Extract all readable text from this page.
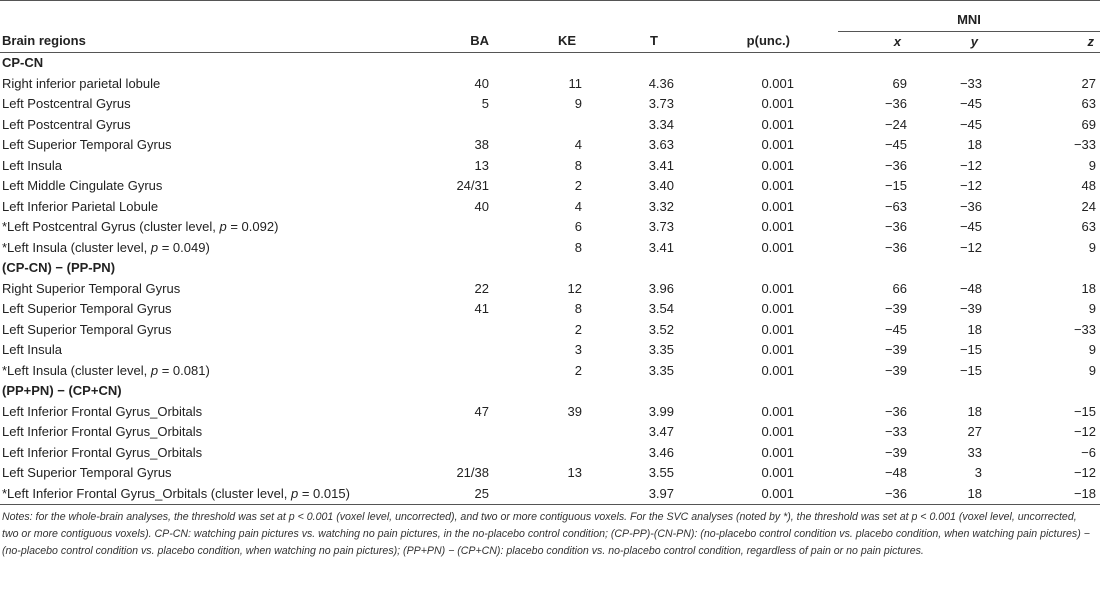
					MNI		
Brain regions	BA	KE	T	p(unc.)	x	y	z
CP-CN							
Right inferior parietal lobule	40	11	4.36	0.001	69	−33	27
Left Postcentral Gyrus	5	9	3.73	0.001	−36	−45	63
Left Postcentral Gyrus			3.34	0.001	−24	−45	69
Left Superior Temporal Gyrus	38	4	3.63	0.001	−45	18	−33
Left Insula	13	8	3.41	0.001	−36	−12	9
Left Middle Cingulate Gyrus	24/31	2	3.40	0.001	−15	−12	48
Left Inferior Parietal Lobule	40	4	3.32	0.001	−63	−36	24
*Left Postcentral Gyrus (cluster level, p = 0.092)		6	3.73	0.001	−36	−45	63
*Left Insula (cluster level, p = 0.049)		8	3.41	0.001	−36	−12	9
(CP-CN) − (PP-PN)							
Right Superior Temporal Gyrus	22	12	3.96	0.001	66	−48	18
Left Superior Temporal Gyrus	41	8	3.54	0.001	−39	−39	9
Left Superior Temporal Gyrus		2	3.52	0.001	−45	18	−33
Left Insula		3	3.35	0.001	−39	−15	9
*Left Insula (cluster level, p = 0.081)		2	3.35	0.001	−39	−15	9
(PP+PN) − (CP+CN)							
Left Inferior Frontal Gyrus_Orbitals	47	39	3.99	0.001	−36	18	−15
Left Inferior Frontal Gyrus_Orbitals			3.47	0.001	−33	27	−12
Left Inferior Frontal Gyrus_Orbitals			3.46	0.001	−39	33	−6
Left Superior Temporal Gyrus	21/38	13	3.55	0.001	−48	3	−12
*Left Inferior Frontal Gyrus_Orbitals (cluster level, p = 0.015)	25		3.97	0.001	−36	18	−18
Notes: for the whole-brain analyses, the threshold was set at p < 0.001 (voxel level, uncorrected), and two or more contiguous voxels. For the SVC analyses (noted by *), the threshold was set at p < 0.001 (voxel level, uncorrected, two or more contiguous voxels). CP-CN: watching pain pictures vs. watching no pain pictures, in the no-placebo control condition; (CP-PP)-(CN-PN): (no-placebo control condition vs. placebo condition, when watching pain pictures) − (no-placebo control condition vs. placebo condition, when watching no pain pictures); (PP+PN) − (CP+CN): placebo condition vs. no-placebo control condition, regardless of pain or no pain pictures.
